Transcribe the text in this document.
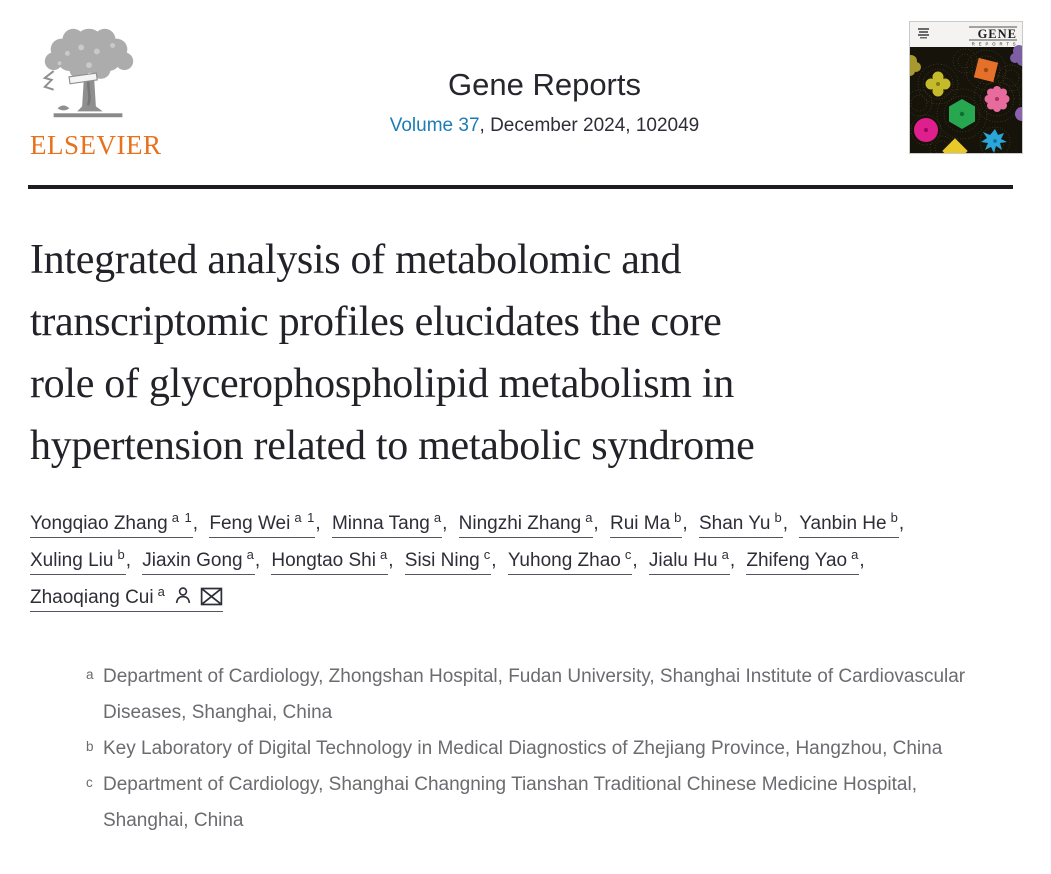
ELSEVIER
Gene Reports
Volume 37, December 2024, 102049
GENE
R E P O R T S
Integrated analysis of metabolomic and
transcriptomic profiles elucidates the core
role of glycerophospholipid metabolism in
hypertension related to metabolic syndrome
Yongqiao Zhang $^{a 1}$, Feng Wei $^{a 1}$, Minna Tang $^a$, Ningzhi Zhang $^a$, Rui Ma $^b$, Shan Yu $^b$, Yanbin He $^b$, Xuling Liu $^b$, Jiaxin Gong $^a$, Hongtao Shi $^a$, Sisi Ning $^c$, Yuhong Zhao $^c$, Jialu Hu $^a$, Zhifeng Yao $^a$, Zhaoqiang Cui $^a$
a Department of Cardiology, Zhongshan Hospital, Fudan University, Shanghai Institute of Cardiovascular Diseases, Shanghai, China
b Key Laboratory of Digital Technology in Medical Diagnostics of Zhejiang Province, Hangzhou, China
c Department of Cardiology, Shanghai Changning Tianshan Traditional Chinese Medicine Hospital, Shanghai, China
